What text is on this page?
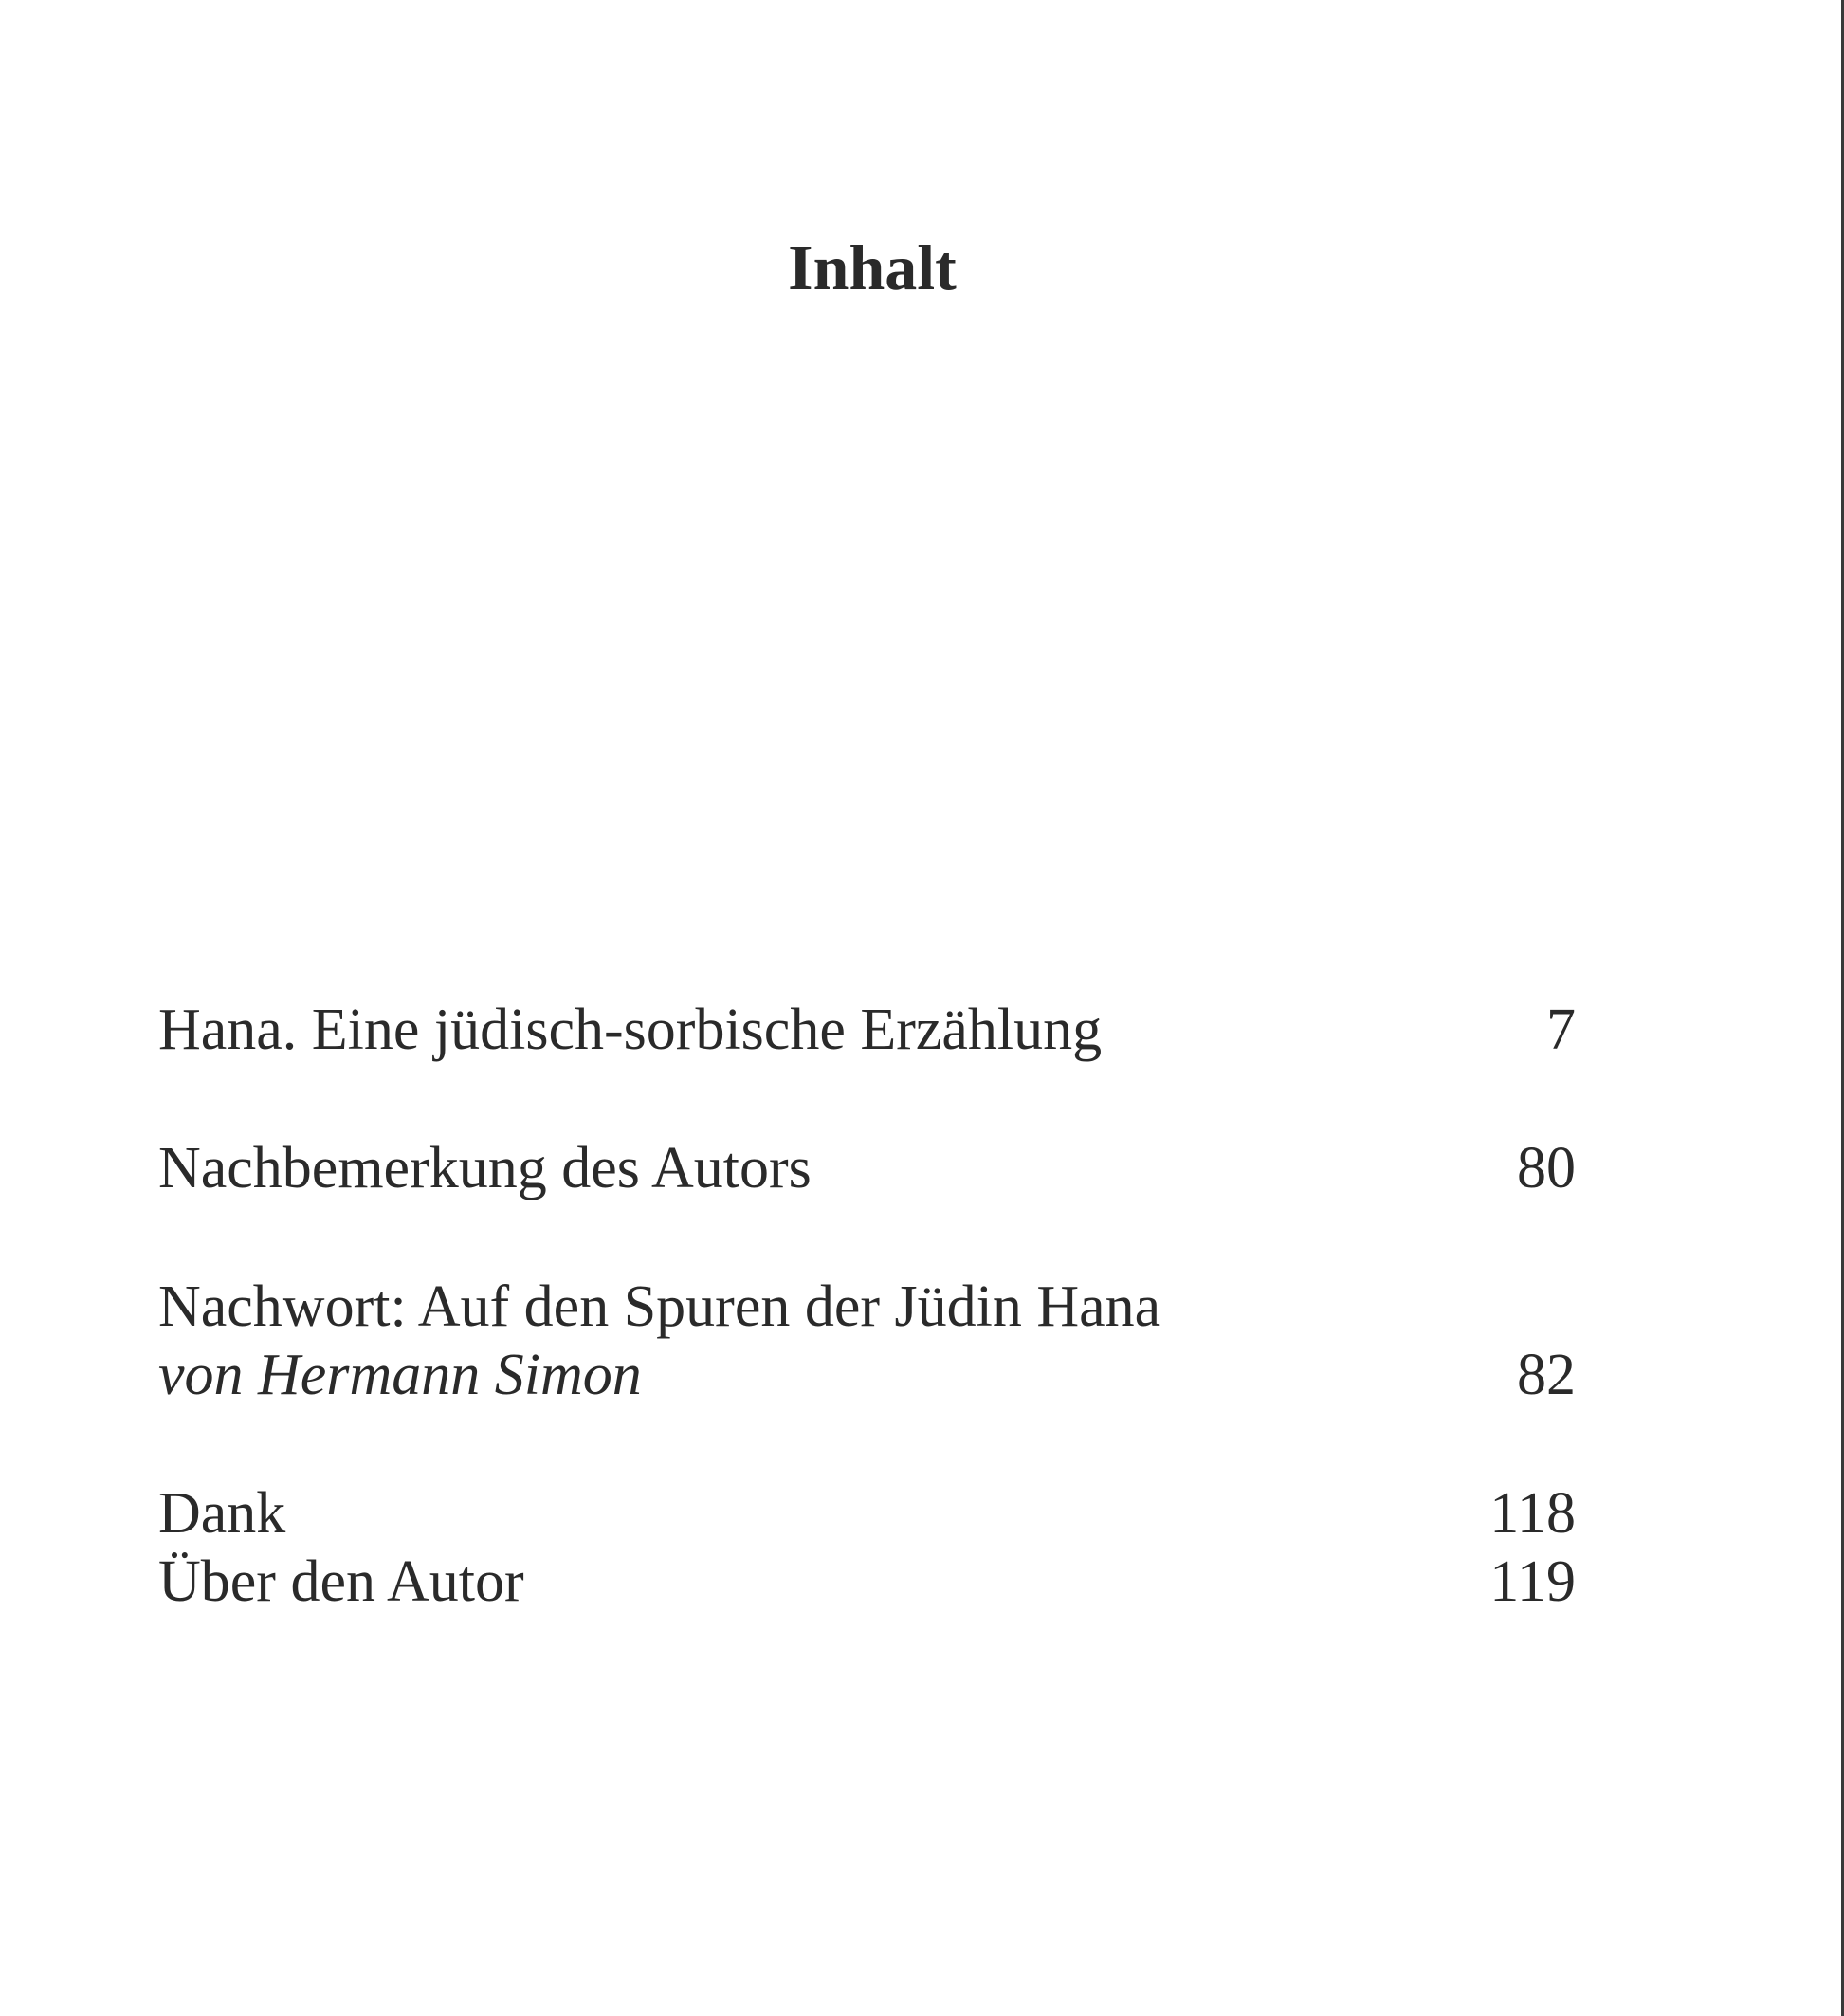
Inhalt
Hana. Eine jüdisch-sorbische Erzählung	7
Nachbemerkung des Autors	80
Nachwort: Auf den Spuren der Jüdin Hana
von Hermann Simon	82
Dank	118
Über den Autor	119
